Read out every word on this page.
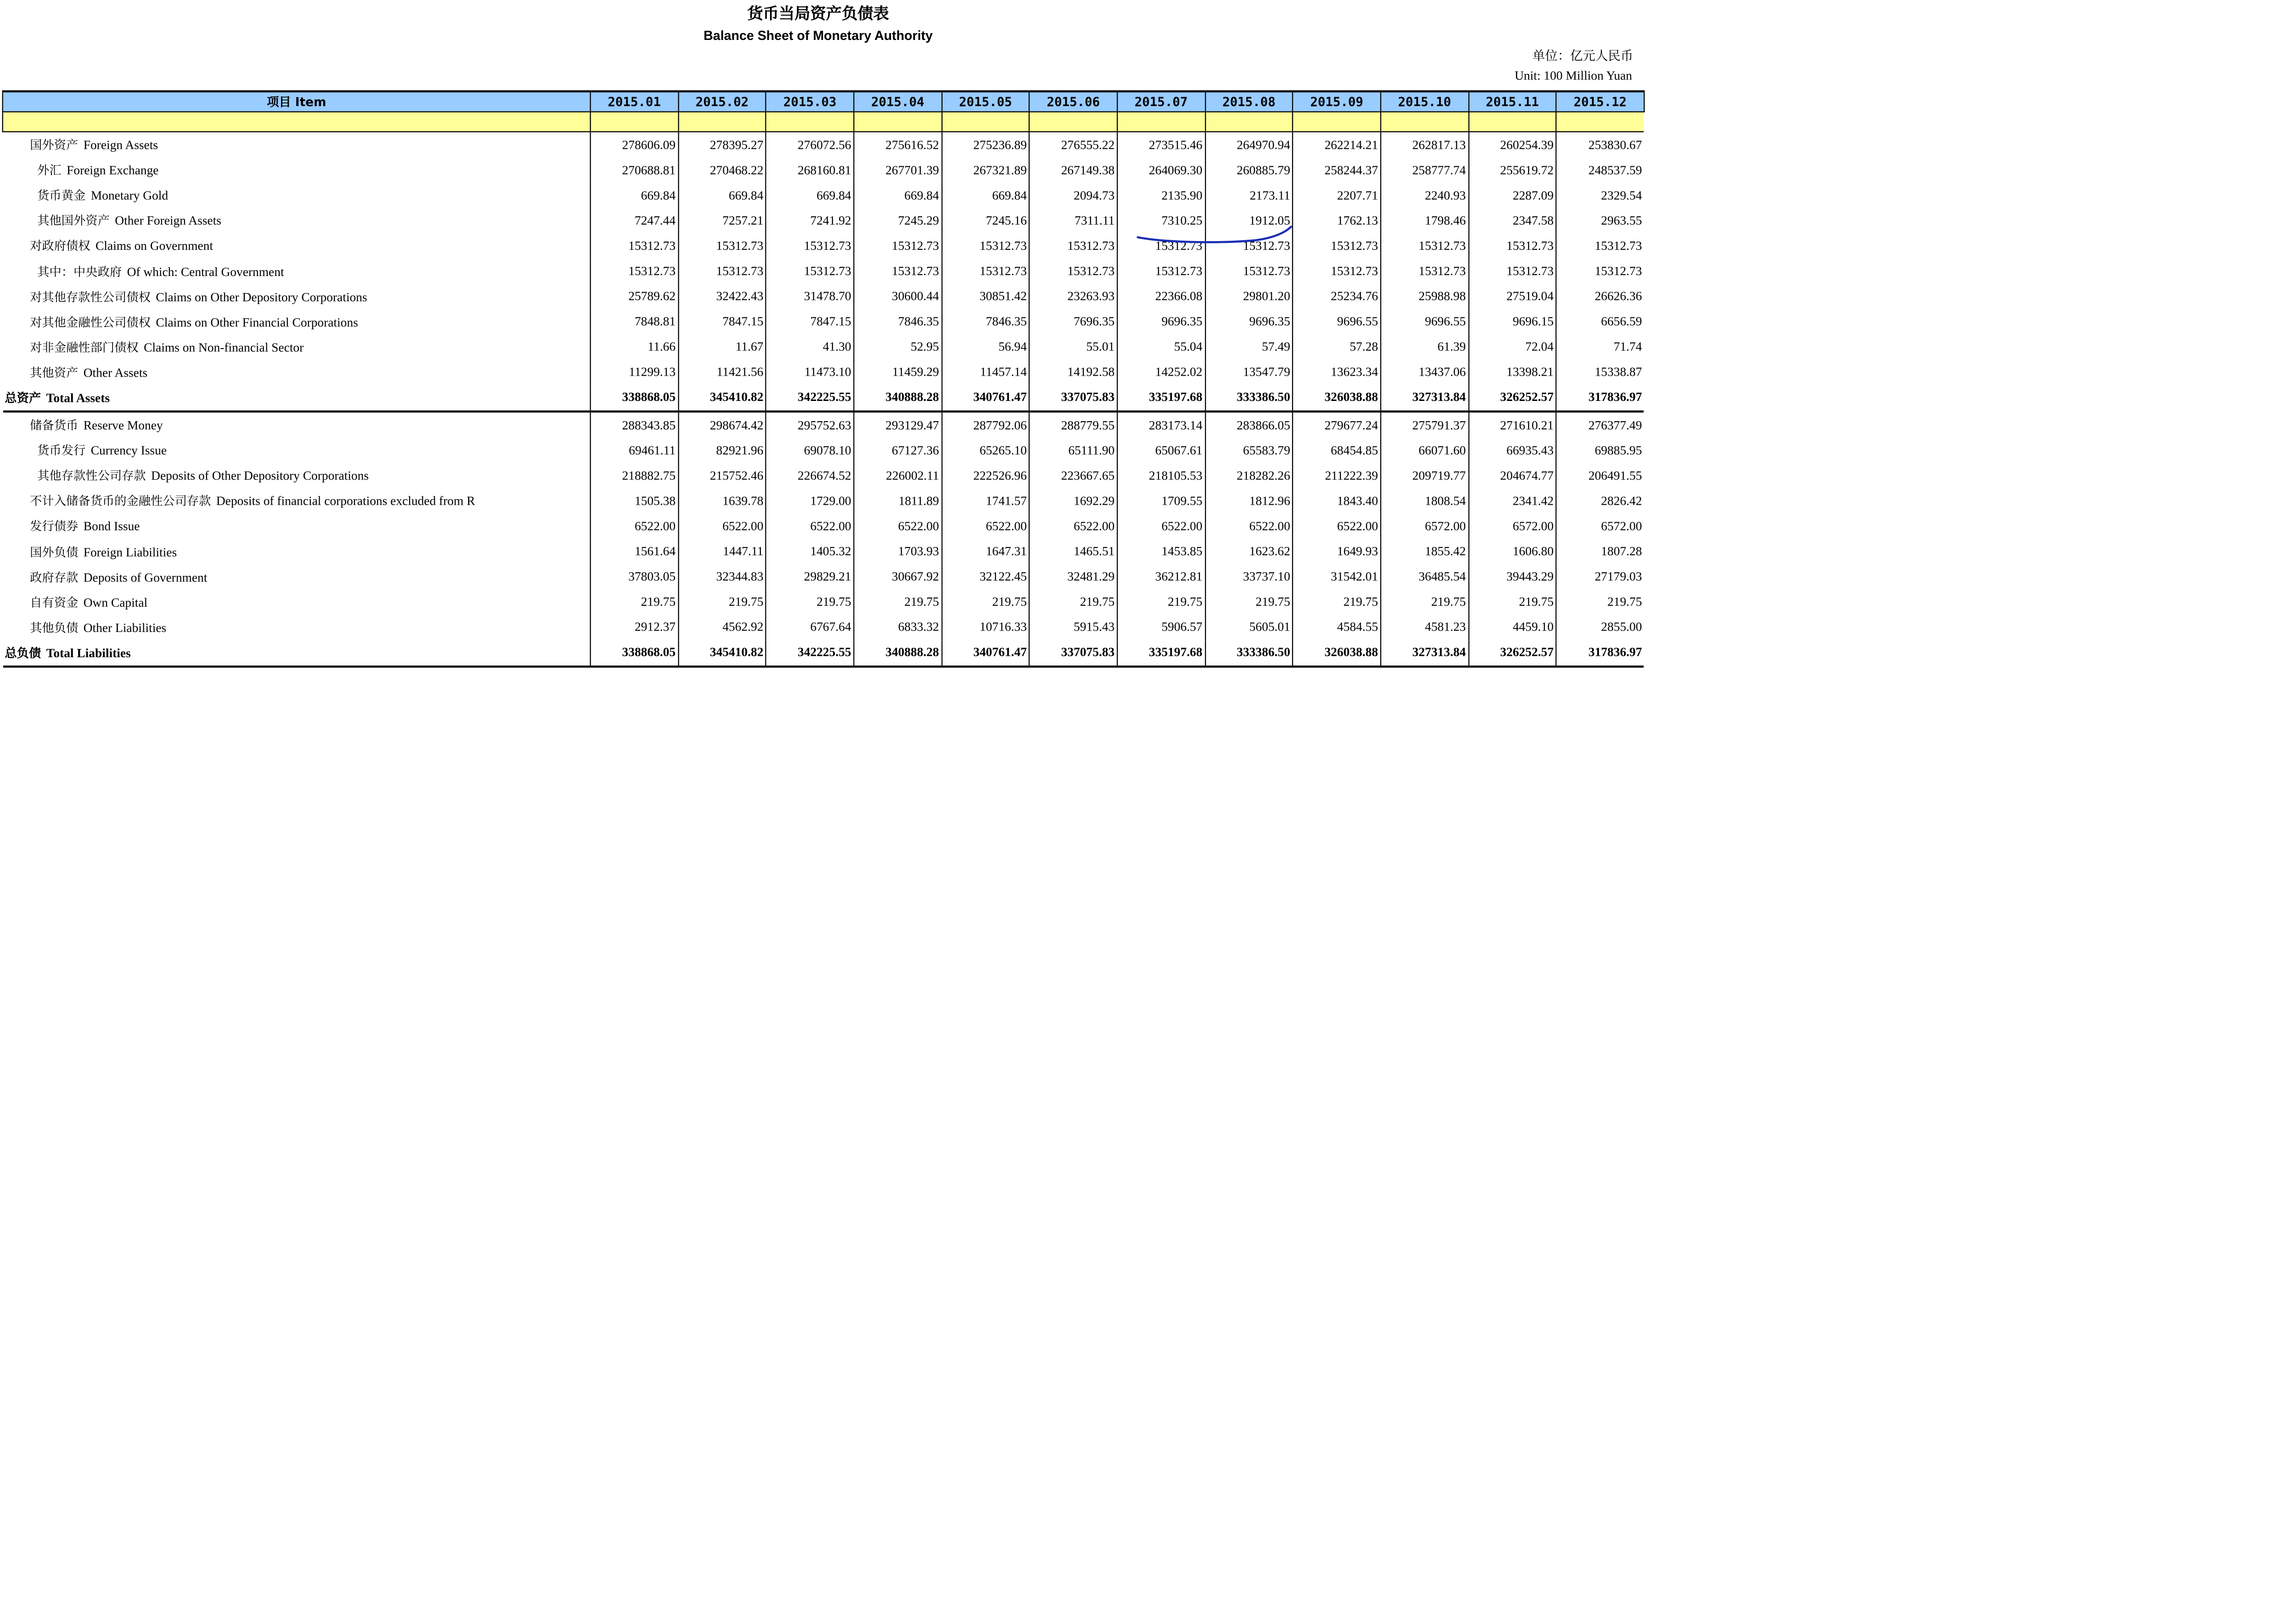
货币当局资产负债表
Balance Sheet of Monetary Authority
单位：亿元人民币
Unit: 100 Million Yuan
项目 Item	2015.01	2015.02	2015.03	2015.04	2015.05	2015.06	2015.07	2015.08	2015.09	2015.10	2015.11	2015.12

国外资产 Foreign Assets	278606.09	278395.27	276072.56	275616.52	275236.89	276555.22	273515.46	264970.94	262214.21	262817.13	260254.39	253830.67
外汇 Foreign Exchange	270688.81	270468.22	268160.81	267701.39	267321.89	267149.38	264069.30	260885.79	258244.37	258777.74	255619.72	248537.59
货币黄金 Monetary Gold	669.84	669.84	669.84	669.84	669.84	2094.73	2135.90	2173.11	2207.71	2240.93	2287.09	2329.54
其他国外资产 Other Foreign Assets	7247.44	7257.21	7241.92	7245.29	7245.16	7311.11	7310.25	1912.05	1762.13	1798.46	2347.58	2963.55
对政府债权 Claims on Government	15312.73	15312.73	15312.73	15312.73	15312.73	15312.73	15312.73	15312.73	15312.73	15312.73	15312.73	15312.73
其中：中央政府 Of which: Central Government	15312.73	15312.73	15312.73	15312.73	15312.73	15312.73	15312.73	15312.73	15312.73	15312.73	15312.73	15312.73
对其他存款性公司债权 Claims on Other Depository Corporations	25789.62	32422.43	31478.70	30600.44	30851.42	23263.93	22366.08	29801.20	25234.76	25988.98	27519.04	26626.36
对其他金融性公司债权 Claims on Other Financial Corporations	7848.81	7847.15	7847.15	7846.35	7846.35	7696.35	9696.35	9696.35	9696.55	9696.55	9696.15	6656.59
对非金融性部门债权 Claims on Non-financial Sector	11.66	11.67	41.30	52.95	56.94	55.01	55.04	57.49	57.28	61.39	72.04	71.74
其他资产 Other Assets	11299.13	11421.56	11473.10	11459.29	11457.14	14192.58	14252.02	13547.79	13623.34	13437.06	13398.21	15338.87
总资产 Total Assets	338868.05	345410.82	342225.55	340888.28	340761.47	337075.83	335197.68	333386.50	326038.88	327313.84	326252.57	317836.97
储备货币 Reserve Money	288343.85	298674.42	295752.63	293129.47	287792.06	288779.55	283173.14	283866.05	279677.24	275791.37	271610.21	276377.49
货币发行 Currency Issue	69461.11	82921.96	69078.10	67127.36	65265.10	65111.90	65067.61	65583.79	68454.85	66071.60	66935.43	69885.95
其他存款性公司存款 Deposits of Other Depository Corporations	218882.75	215752.46	226674.52	226002.11	222526.96	223667.65	218105.53	218282.26	211222.39	209719.77	204674.77	206491.55
不计入储备货币的金融性公司存款 Deposits of financial corporations excluded from R	1505.38	1639.78	1729.00	1811.89	1741.57	1692.29	1709.55	1812.96	1843.40	1808.54	2341.42	2826.42
发行债券 Bond Issue	6522.00	6522.00	6522.00	6522.00	6522.00	6522.00	6522.00	6522.00	6522.00	6572.00	6572.00	6572.00
国外负债 Foreign Liabilities	1561.64	1447.11	1405.32	1703.93	1647.31	1465.51	1453.85	1623.62	1649.93	1855.42	1606.80	1807.28
政府存款 Deposits of Government	37803.05	32344.83	29829.21	30667.92	32122.45	32481.29	36212.81	33737.10	31542.01	36485.54	39443.29	27179.03
自有资金 Own Capital	219.75	219.75	219.75	219.75	219.75	219.75	219.75	219.75	219.75	219.75	219.75	219.75
其他负债 Other Liabilities	2912.37	4562.92	6767.64	6833.32	10716.33	5915.43	5906.57	5605.01	4584.55	4581.23	4459.10	2855.00
总负债 Total Liabilities	338868.05	345410.82	342225.55	340888.28	340761.47	337075.83	335197.68	333386.50	326038.88	327313.84	326252.57	317836.97
